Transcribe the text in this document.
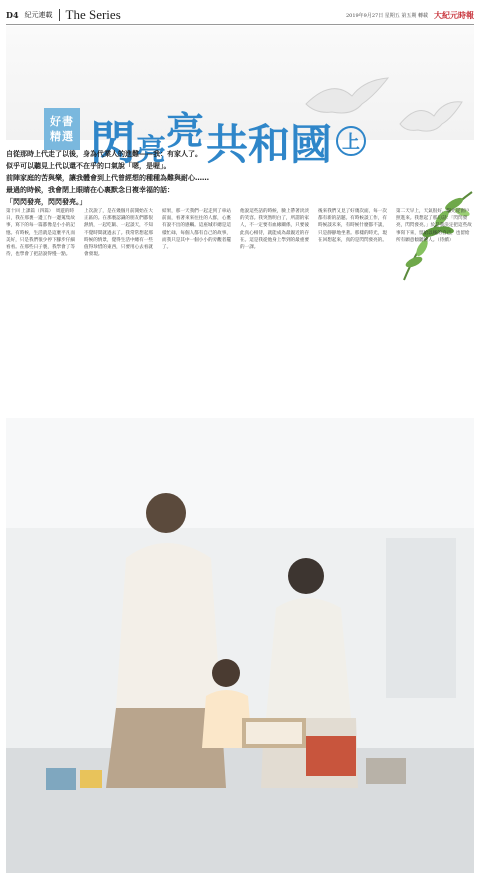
D4 紀元連載	The Series	2019年9月27日 星期五 第五期 轉載 大紀元時報
好書
精選 閃 亮 亮 共和國 上
自從那時上代走了以後，身為代業人的進難——我：有家人了。
似乎可以聽見上代以還不在乎的口氣說「嗯，是喔」。
前陣家庭的苦與樂，讓我體會到上代曾經想的種種為難與耐心……
最過的時候，我會閉上眼睛在心裏默念日複幸福的話：
「閃閃發亮，閃閃發亮。」

第十回 上課篇（四篇）　周遊的時日，我在那裏一邊工作一邊蒐集故事，寫下的每一篇都像是小小的記憶。有時候，生活就是這麼平凡而美好，只是我們很少停下腳步仔細看看。在那些日子裏，我學會了等待，也學會了把話說得慢一點。

上次說了，是在幾個月前開始在大正區的。在那裏認識的朋友們都很熱情，一起吃飯、一起談天，不知不覺時間就過去了。我常常想起那時候的情景，覺得生活中總有一些值得珍惜的東西，只要用心去看就會發現。

結果，那一天我們一起走到了車站前面，看著來來往往的人群，心裏有說不出的感觸。這座城市總是這樣忙碌，每個人都有自己的故事，而我只是其中一個小小的旁觀者罷了。

他說這些話的時候，臉上帶著淡淡的笑容。我突然明白了，所謂的家人，不一定要有血緣關係，只要彼此真心相待，就能成為最親近的存在。這是我從他身上學到的最重要的一課。

後來我們又見了好幾次面，每一次都有新的話題。有時候談工作，有時候談未來，有時候什麼都不談，只是靜靜地坐著。那樣的時光，現在回想起來，真的是閃閃發亮的。

第二天早上，天氣很好，陽光從窗戶照進來。我想起了那句話：「閃閃發亮，閃閃發亮。」於是我決定把這些故事寫下來，留給以後的自己，也留給所有願意傾聽的人。（待續）
